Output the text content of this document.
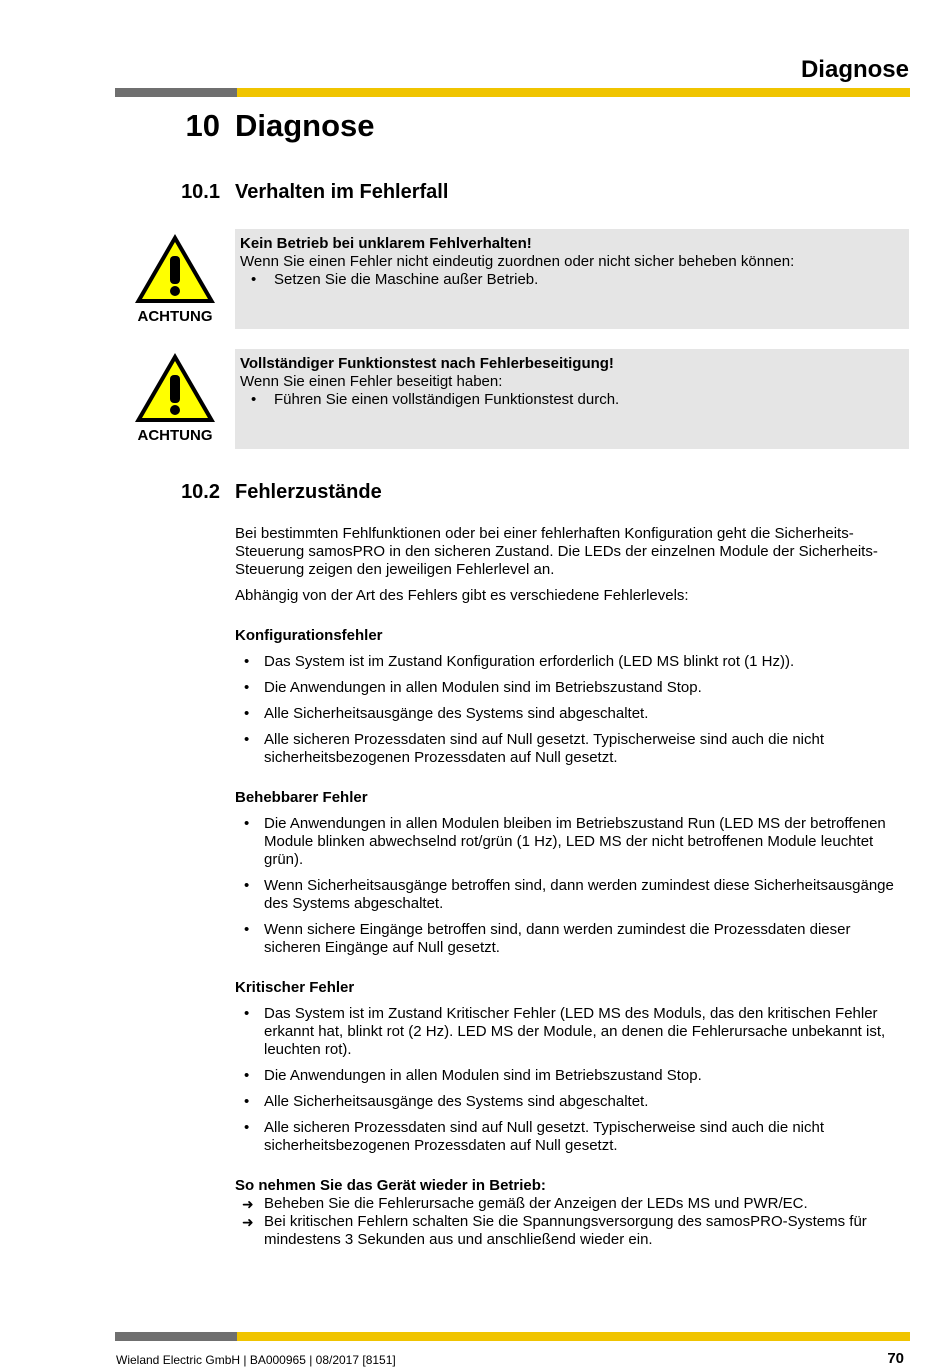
Diagnose
10 Diagnose
10.1 Verhalten im Fehlerfall
ACHTUNG
Kein Betrieb bei unklarem Fehlverhalten!
Wenn Sie einen Fehler nicht eindeutig zuordnen oder nicht sicher beheben können:
• Setzen Sie die Maschine außer Betrieb.
ACHTUNG
Vollständiger Funktionstest nach Fehlerbeseitigung!
Wenn Sie einen Fehler beseitigt haben:
• Führen Sie einen vollständigen Funktionstest durch.
10.2 Fehlerzustände
Bei bestimmten Fehlfunktionen oder bei einer fehlerhaften Konfiguration geht die Sicherheits-Steuerung samosPRO in den sicheren Zustand. Die LEDs der einzelnen Module der Sicherheits-Steuerung zeigen den jeweiligen Fehlerlevel an.
Abhängig von der Art des Fehlers gibt es verschiedene Fehlerlevels:
Konfigurationsfehler
• Das System ist im Zustand Konfiguration erforderlich (LED MS blinkt rot (1 Hz)).
• Die Anwendungen in allen Modulen sind im Betriebszustand Stop.
• Alle Sicherheitsausgänge des Systems sind abgeschaltet.
• Alle sicheren Prozessdaten sind auf Null gesetzt. Typischerweise sind auch die nicht sicherheitsbezogenen Prozessdaten auf Null gesetzt.
Behebbarer Fehler
• Die Anwendungen in allen Modulen bleiben im Betriebszustand Run (LED MS der betroffenen Module blinken abwechselnd rot/grün (1 Hz), LED MS der nicht betroffenen Module leuchtet grün).
• Wenn Sicherheitsausgänge betroffen sind, dann werden zumindest diese Sicherheitsausgänge des Systems abgeschaltet.
• Wenn sichere Eingänge betroffen sind, dann werden zumindest die Prozessdaten dieser sicheren Eingänge auf Null gesetzt.
Kritischer Fehler
• Das System ist im Zustand Kritischer Fehler (LED MS des Moduls, das den kritischen Fehler erkannt hat, blinkt rot (2 Hz). LED MS der Module, an denen die Fehlerursache unbekannt ist, leuchten rot).
• Die Anwendungen in allen Modulen sind im Betriebszustand Stop.
• Alle Sicherheitsausgänge des Systems sind abgeschaltet.
• Alle sicheren Prozessdaten sind auf Null gesetzt. Typischerweise sind auch die nicht sicherheitsbezogenen Prozessdaten auf Null gesetzt.
So nehmen Sie das Gerät wieder in Betrieb:
➜ Beheben Sie die Fehlerursache gemäß der Anzeigen der LEDs MS und PWR/EC.
➜ Bei kritischen Fehlern schalten Sie die Spannungsversorgung des samosPRO-Systems für mindestens 3 Sekunden aus und anschließend wieder ein.
Wieland Electric GmbH | BA000965 | 08/2017 [8151]	70
